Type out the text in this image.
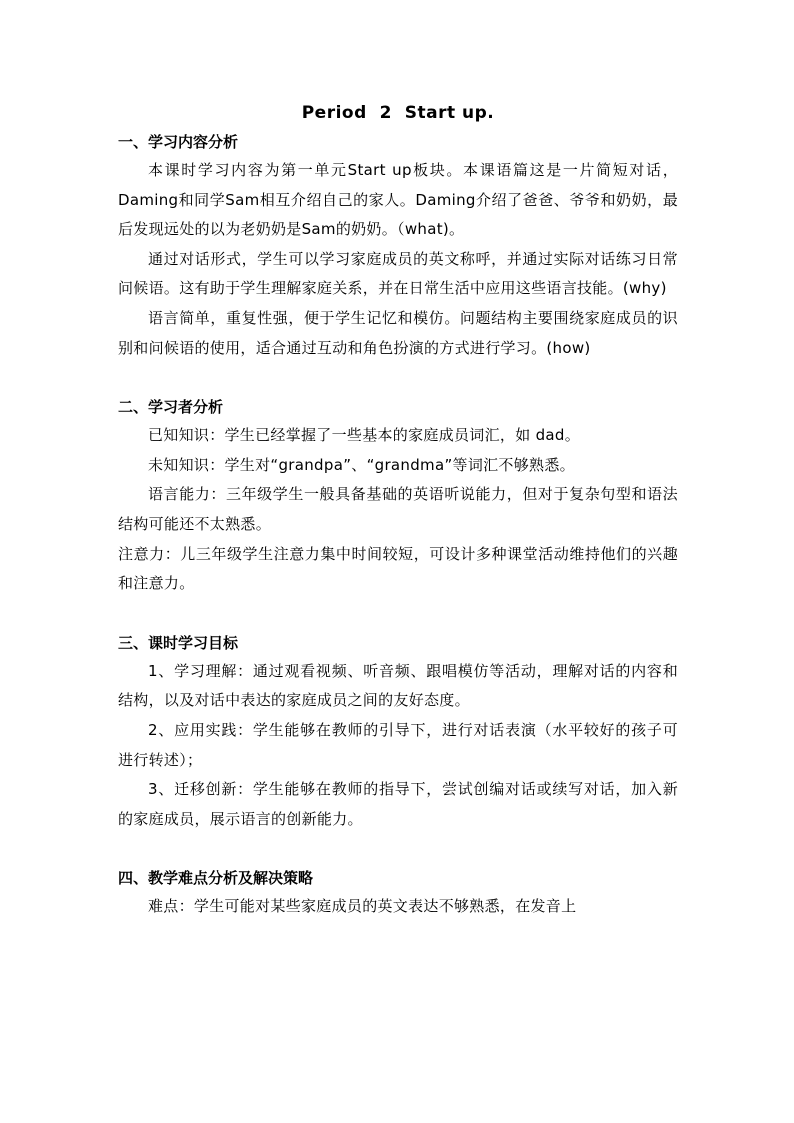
Period  2  Start up.
一、学习内容分析

本课时学习内容为第一单元Start up板块。本课语篇这是一片简短对话，Daming和同学Sam相互介绍自己的家人。Daming介绍了爸爸、爷爷和奶奶，最后发现远处的以为老奶奶是Sam的奶奶。（what)。

通过对话形式，学生可以学习家庭成员的英文称呼，并通过实际对话练习日常问候语。这有助于学生理解家庭关系，并在日常生活中应用这些语言技能。(why)

语言简单，重复性强，便于学生记忆和模仿。问题结构主要围绕家庭成员的识别和问候语的使用，适合通过互动和角色扮演的方式进行学习。(how)

二、学习者分析

已知知识：学生已经掌握了一些基本的家庭成员词汇，如 dad。

未知知识：学生对“grandpa”、“grandma”等词汇不够熟悉。

语言能力：三年级学生一般具备基础的英语听说能力，但对于复杂句型和语法结构可能还不太熟悉。

注意力：儿三年级学生注意力集中时间较短，可设计多种课堂活动维持他们的兴趣和注意力。

三、课时学习目标

1、学习理解：通过观看视频、听音频、跟唱模仿等活动，理解对话的内容和结构，以及对话中表达的家庭成员之间的友好态度。

2、应用实践：学生能够在教师的引导下，进行对话表演（水平较好的孩子可进行转述）；

3、迁移创新：学生能够在教师的指导下，尝试创编对话或续写对话，加入新的家庭成员，展示语言的创新能力。

四、教学难点分析及解决策略

难点：学生可能对某些家庭成员的英文表达不够熟悉，在发音上
